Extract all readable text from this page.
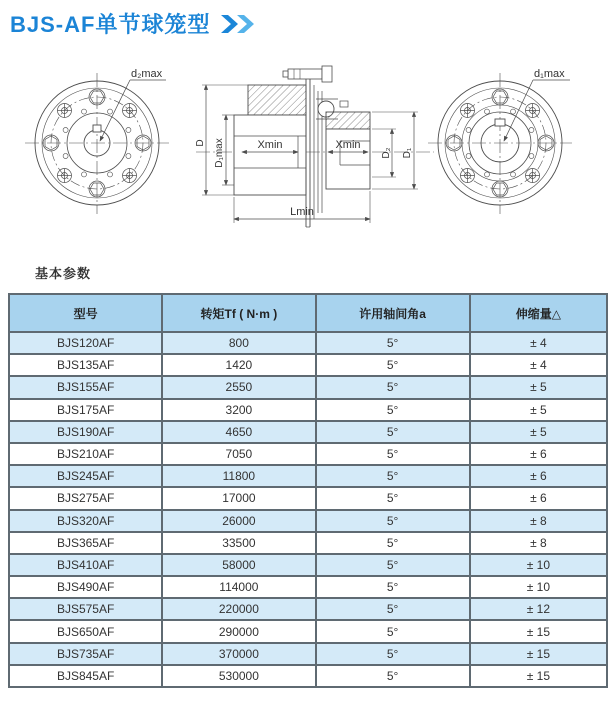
BJS-AF单节球笼型
d₂max
D D₁max	Xmin	Xmin
D₂ D₁
Lmin
d₁max
基本参数
型号	转矩Tf ( N·m )	许用轴间角a	伸缩量△
BJS120AF	800	5°	± 4
BJS135AF	1420	5°	± 4
BJS155AF	2550	5°	± 5
BJS175AF	3200	5°	± 5
BJS190AF	4650	5°	± 5
BJS210AF	7050	5°	± 6
BJS245AF	11800	5°	± 6
BJS275AF	17000	5°	± 6
BJS320AF	26000	5°	± 8
BJS365AF	33500	5°	± 8
BJS410AF	58000	5°	± 10
BJS490AF	114000	5°	± 10
BJS575AF	220000	5°	± 12
BJS650AF	290000	5°	± 15
BJS735AF	370000	5°	± 15
BJS845AF	530000	5°	± 15
